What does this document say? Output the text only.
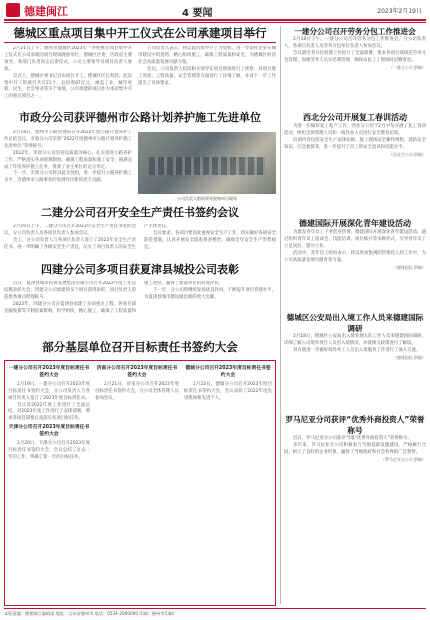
德建闽江	4 要闻	2023年2月19日
德城区重点项目集中开工仪式在公司承建项目举行

2月21日上午，德州市德城区2023年一季度重点项目集中开工仪式在公司承建的项目现场隆重举行。德城区区委、区政府主要领导，各部门负责同志出席仪式，公司主要领导及项目负责人参加。

仪式上，德城区委书记宣布项目开工，德城区区长致辞。此次集中开工的项目共计21个，总投资87亿元，涵盖工业、城市更新、民生、社会事业等多个领域，公司承建的项目作为本次集中开工的重点项目之一。

公司负责人表示，将以此次集中开工为契机，进一步发挥企业在城市建设中的优势，精心组织施工，确保工程质量和安全，为德城区经济社会高质量发展贡献力量。

会后，公司负责人陪同相关领导在项目现场进行了视察，对项目施工进度、工程质量、安全管理等方面进行了详细了解，并对下一步工作提出了具体要求。

市政分公司获评德州市公路计划养护施工先进单位

2月18日，德州市公路管理局召开2022年度公路计划养护工作总结会议，市政分公司荣获“2022年度德州市公路计划养护施工先进单位”荣誉称号。

2022年，市政分公司坚持以质量为核心，扎实推进公路养护工作，严格落实各项管理制度，确保工程质量和施工安全，圆满完成了年度养护施工任务，得到了业主单位的充分肯定。

下一步，市政分公司将以此为契机，进一步提升公路养护施工水平，为德州市公路事业的发展作出新的更大贡献。

公司负责人陪同领导视察项目现场
二建分公司召开安全生产责任书签约会议

2月19日上午，二建分公司召开2023年安全生产责任书签约会议，分公司负责人及各项目负责人参加会议。

会上，分公司负责人与各项目负责人签订了2023年安全生产责任书，进一步明确了各级安全生产责任，压实了项目负责人的安全生产主体责任。

会议要求，各项目要高度重视安全生产工作，切实做好各项安全防范措施，认真开展安全隐患排查整治，确保全年安全生产形势稳定。

四建分公司多项目获夏津县城投公司表彰

近日，夏津县城市投资发展集团有限公司召开2022年度工作总结暨表彰大会，四建分公司承建的多个项目获得表彰，项目负责人荣获优秀项目经理称号。

2022年，四建分公司在夏津县承建了多项重点工程，各项目部克服疫情等不利因素影响，科学组织，精心施工，确保了工程质量和施工进度，赢得了建设单位的高度评价。

下一步，分公司将继续发扬优良作风，不断提升项目管理水平，为夏津县城市建设做出新的更大贡献。

部分基层单位召开目标责任书签约大会
一建分公司召开2023年度目标责任书签约大会

2月19日，一建分公司召开2023年度目标责任书签约大会，分公司负责人与各项目负责人签订了2023年度目标责任书。

会议对2022年度工作进行了全面总结，对2023年度工作进行了安排部署，要求各项目部要认真落实各项目标任务。

天津分公司召开2023年度目标责任书签约大会

2月20日，天津分公司召开2023年度目标责任书签约大会，会议总结了过去一年的工作，明确了新一年的目标任务。

济南分公司召开2023年度目标责任书签约大会

2月21日，济南分公司召开2023年度目标责任书签约大会，分公司全体管理人员参加会议。

德城分公司召开2023年度目标责任书签约大会

2月22日，德城分公司召开2023年度目标责任书签约大会，会议表彰了2022年度先进集体和先进个人。

一建分公司召开劳务分包工作推进会

2月18日下午，一建分公司召开劳务分包工作推进会，分公司负责人、各项目负责人及劳务分包单位负责人参加会议。

会议就劳务分包管理工作进行了全面部署，要求各项目部规范劳务分包管理，加强劳务人员实名制管理，确保农民工工资按时足额发放。

（一建分公司 供稿）
西北分公司开展复工春训活动

为进一步做好复工复产工作，西北分公司于2月中旬开展了复工春训活动，组织全体管理人员和一线作业人员进行安全教育培训。

培训内容包括安全生产法律法规、施工现场安全操作规程、消防安全知识、应急救援等，进一步提升了员工的安全意识和技能水平。

（西北分公司 供稿）
德建国际开展深化青年建设活动

为激发青年员工干事创业热情，德建国际开展深化青年建设活动，通过组织青年员工座谈会、技能培训、岗位练兵等多种形式，引导青年员工立足岗位、建功立业。

活动中，青年员工纷纷表示，将以更加饱满的热情投入到工作中，为公司高质量发展贡献青春力量。

（德建国际 供稿）
德城区公安局出入境工作人员来德建国际调研

2月18日，德城区公安局出入境管理大队工作人员来德建国际调研，详细了解公司境外项目人员出入境情况，并就相关政策进行了解读。

双方就进一步做好境外务工人员出入境服务工作进行了深入交流。

（德建国际 供稿）
罗马尼亚分司获评“优秀外商投资人”荣誉称号

近日，罗马尼亚分公司获评当地“优秀外商投资人”荣誉称号。

多年来，罗马尼亚分公司积极参与当地基础设施建设，严格履行合同，树立了良好的企业形象，赢得了当地政府和社会各界的广泛赞誉。

（罗马尼亚分公司 供稿）
本版责编：德建闽江编辑部 地址：山东省德州市 电话：0534-2000000 印刷：德州市印刷厂
